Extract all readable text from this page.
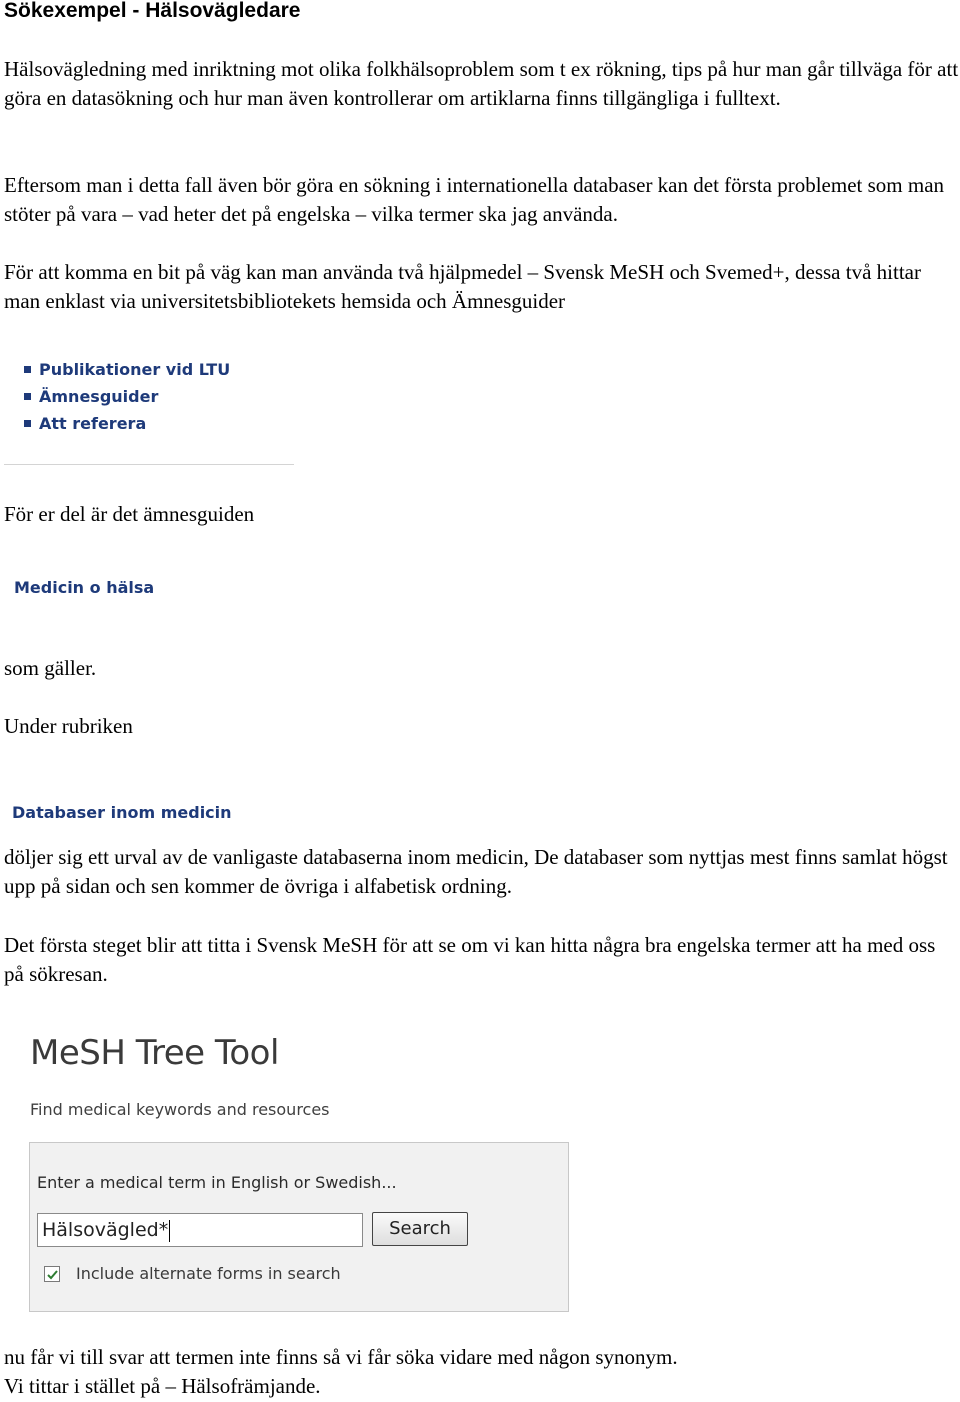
Sökexempel - Hälsovägledare

Hälsovägledning med inriktning mot olika folkhälsoproblem som t ex rökning, tips på hur man går tillväga för att göra en datasökning och hur man även kontrollerar om artiklarna finns tillgängliga i fulltext.

Eftersom man i detta fall även bör göra en sökning i internationella databaser kan det första problemet som man stöter på vara – vad heter det på engelska – vilka termer ska jag använda.

För att komma en bit på väg kan man använda två hjälpmedel – Svensk MeSH och Svemed+, dessa två hittar man enklast via universitetsbibliotekets hemsida och Ämnesguider

Publikationer vid LTU
Ämnesguider
Att referera

För er del är det ämnesguiden

Medicin o hälsa

som gäller.

Under rubriken

Databaser inom medicin

döljer sig ett urval av de vanligaste databaserna inom medicin, De databaser som nyttjas mest finns samlat högst upp på sidan och sen kommer de övriga i alfabetisk ordning.

Det första steget blir att titta i Svensk MeSH för att se om vi kan hitta några bra engelska termer att ha med oss på sökresan.

MeSH Tree Tool
Find medical keywords and resources
Enter a medical term in English or Swedish...
Hälsovägled*	Search
Include alternate forms in search

nu får vi till svar att termen inte finns så vi får söka vidare med någon synonym.

Vi tittar i stället på – Hälsofrämjande.
